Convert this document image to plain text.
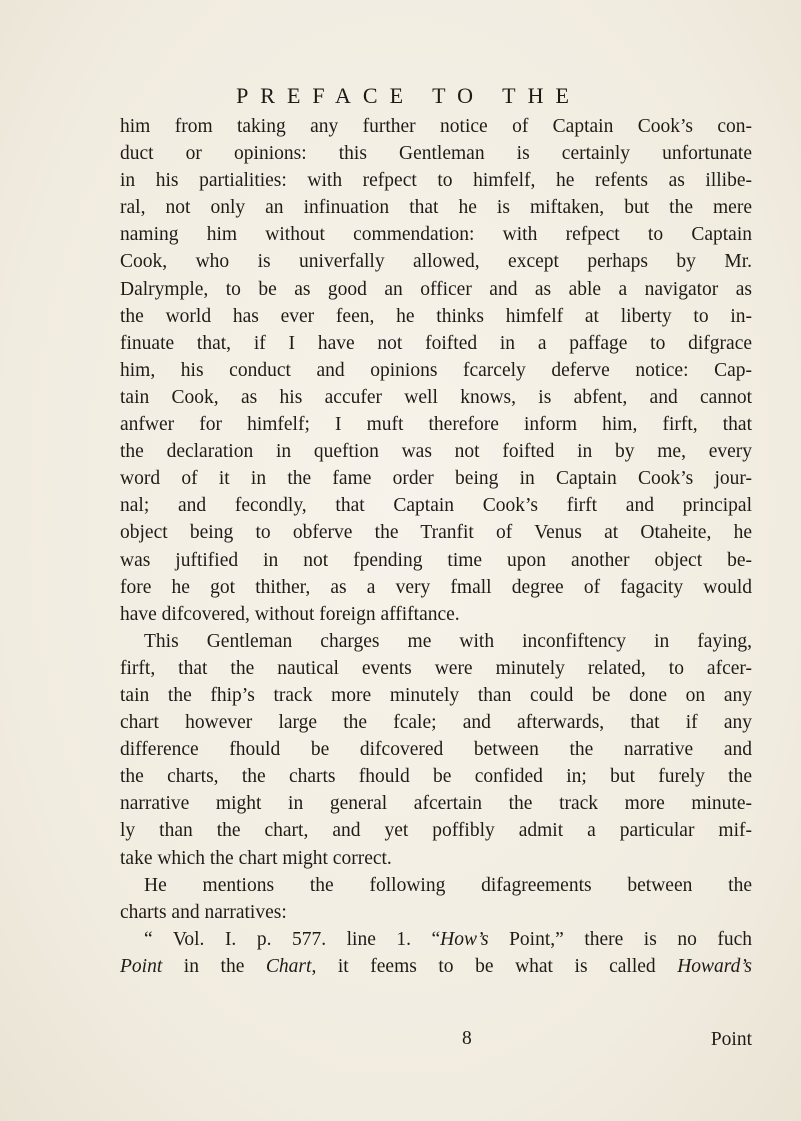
PREFACE TO THE
him from taking any further notice of Captain Cook’s con-
duct or opinions: this Gentleman is certainly unfortunate
in his partialities: with refpect to himfelf, he refents as illibe-
ral, not only an infinuation that he is miftaken, but the mere
naming him without commendation: with refpect to Captain
Cook, who is univerfally allowed, except perhaps by Mr.
Dalrymple, to be as good an officer and as able a navigator as
the world has ever feen, he thinks himfelf at liberty to in-
finuate that, if I have not foifted in a paffage to difgrace
him, his conduct and opinions fcarcely deferve notice: Cap-
tain Cook, as his accufer well knows, is abfent, and cannot
anfwer for himfelf; I muft therefore inform him, firft, that
the declaration in queftion was not foifted in by me, every
word of it in the fame order being in Captain Cook’s jour-
nal; and fecondly, that Captain Cook’s firft and principal
object being to obferve the Tranfit of Venus at Otaheite, he
was juftified in not fpending time upon another object be-
fore he got thither, as a very fmall degree of fagacity would
have difcovered, without foreign affiftance.
This Gentleman charges me with inconfiftency in faying,
firft, that the nautical events were minutely related, to afcer-
tain the fhip’s track more minutely than could be done on any
chart however large the fcale; and afterwards, that if any
difference fhould be difcovered between the narrative and
the charts, the charts fhould be confided in; but furely the
narrative might in general afcertain the track more minute-
ly than the chart, and yet poffibly admit a particular mif-
take which the chart might correct.
He mentions the following difagreements between the
charts and narratives:
“ Vol. I. p. 577. line 1. “How’s Point,” there is no fuch
Point in the Chart, it feems to be what is called Howard’s
8	Point
